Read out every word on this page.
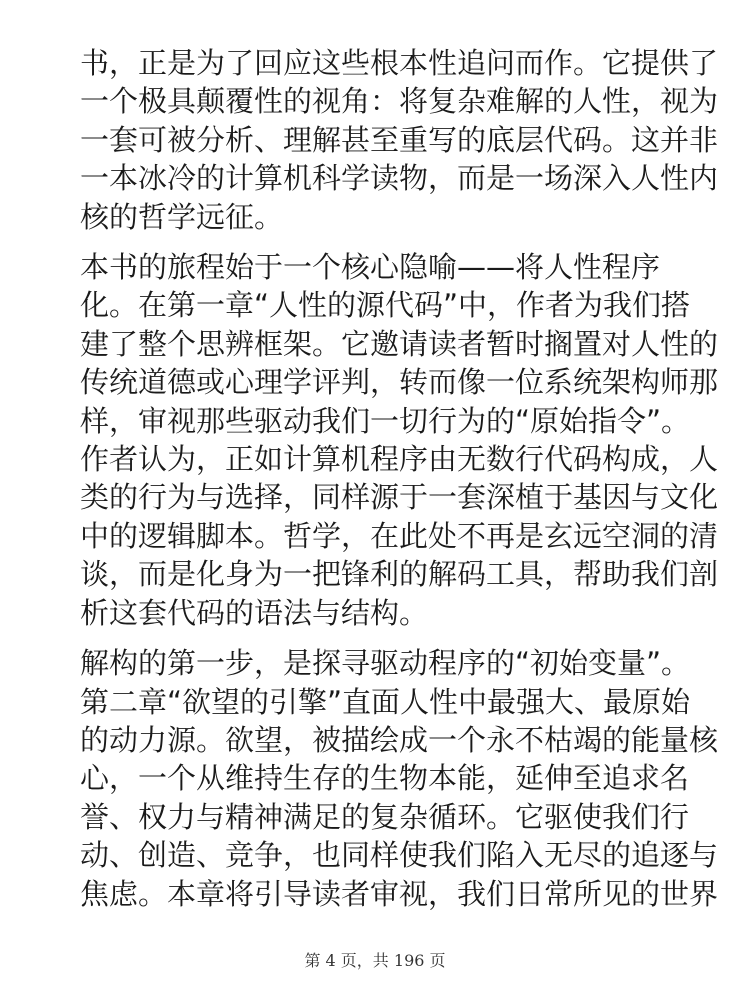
书，正是为了回应这些根本性追问而作。它提供了
一个极具颠覆性的视角：将复杂难解的人性，视为
一套可被分析、理解甚至重写的底层代码。这并非
一本冰冷的计算机科学读物，而是一场深入人性内
核的哲学远征。
本书的旅程始于一个核心隐喻——将人性程序
化。在第一章“人性的源代码”中，作者为我们搭
建了整个思辨框架。它邀请读者暂时搁置对人性的
传统道德或心理学评判，转而像一位系统架构师那
样，审视那些驱动我们一切行为的“原始指令”。
作者认为，正如计算机程序由无数行代码构成，人
类的行为与选择，同样源于一套深植于基因与文化
中的逻辑脚本。哲学，在此处不再是玄远空洞的清
谈，而是化身为一把锋利的解码工具，帮助我们剖
析这套代码的语法与结构。
解构的第一步，是探寻驱动程序的“初始变量”。
第二章“欲望的引擎”直面人性中最强大、最原始
的动力源。欲望，被描绘成一个永不枯竭的能量核
心，一个从维持生存的生物本能，延伸至追求名
誉、权力与精神满足的复杂循环。它驱使我们行
动、创造、竞争，也同样使我们陷入无尽的追逐与
焦虑。本章将引导读者审视，我们日常所见的世界
第 4 页，共 196 页
